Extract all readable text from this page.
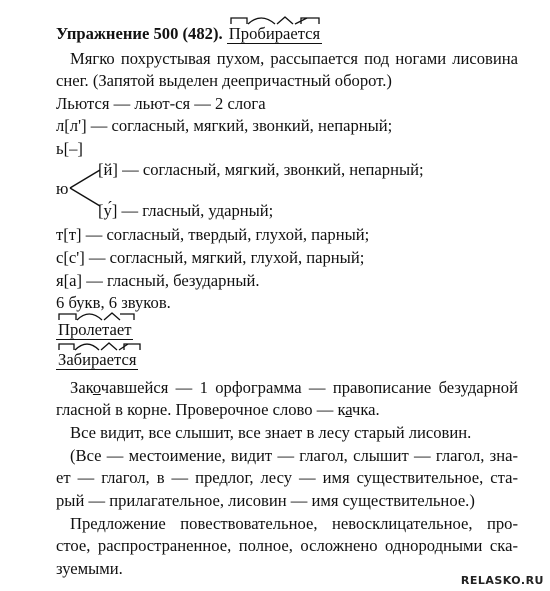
Упражнение 500 (482). Пробирается
Мягко похрустывая пухом, рассыпается под ногами лисовина
снег. (Запятой выделен деепричастный оборот.)
Льются — льют-ся — 2 слога
л[л'] — согласный, мягкий, звонкий, непарный;
ь[–]
ю
[й] — согласный, мягкий, звонкий, непарный;
[у́] — гласный, ударный;
т[т] — согласный, твердый, глухой, парный;
с[с'] — согласный, мягкий, глухой, парный;
я[а] — гласный, безударный.
6 букв, 6 звуков.
Пролетает
Забирается
Закочавшейся — 1 орфограмма — правописание безударной
гласной в корне. Проверочное слово — качка.
Все видит, все слышит, все знает в лесу старый лисовин.
(Все — местоимение, видит — глагол, слышит — глагол, зна-
ет — глагол, в — предлог, лесу — имя существительное, ста-
рый — прилагательное, лисовин — имя существительное.)
Предложение повествовательное, невосклицательное, про-
стое, распространенное, полное, осложнено однородными ска-
зуемыми.
RELASKO.RU
